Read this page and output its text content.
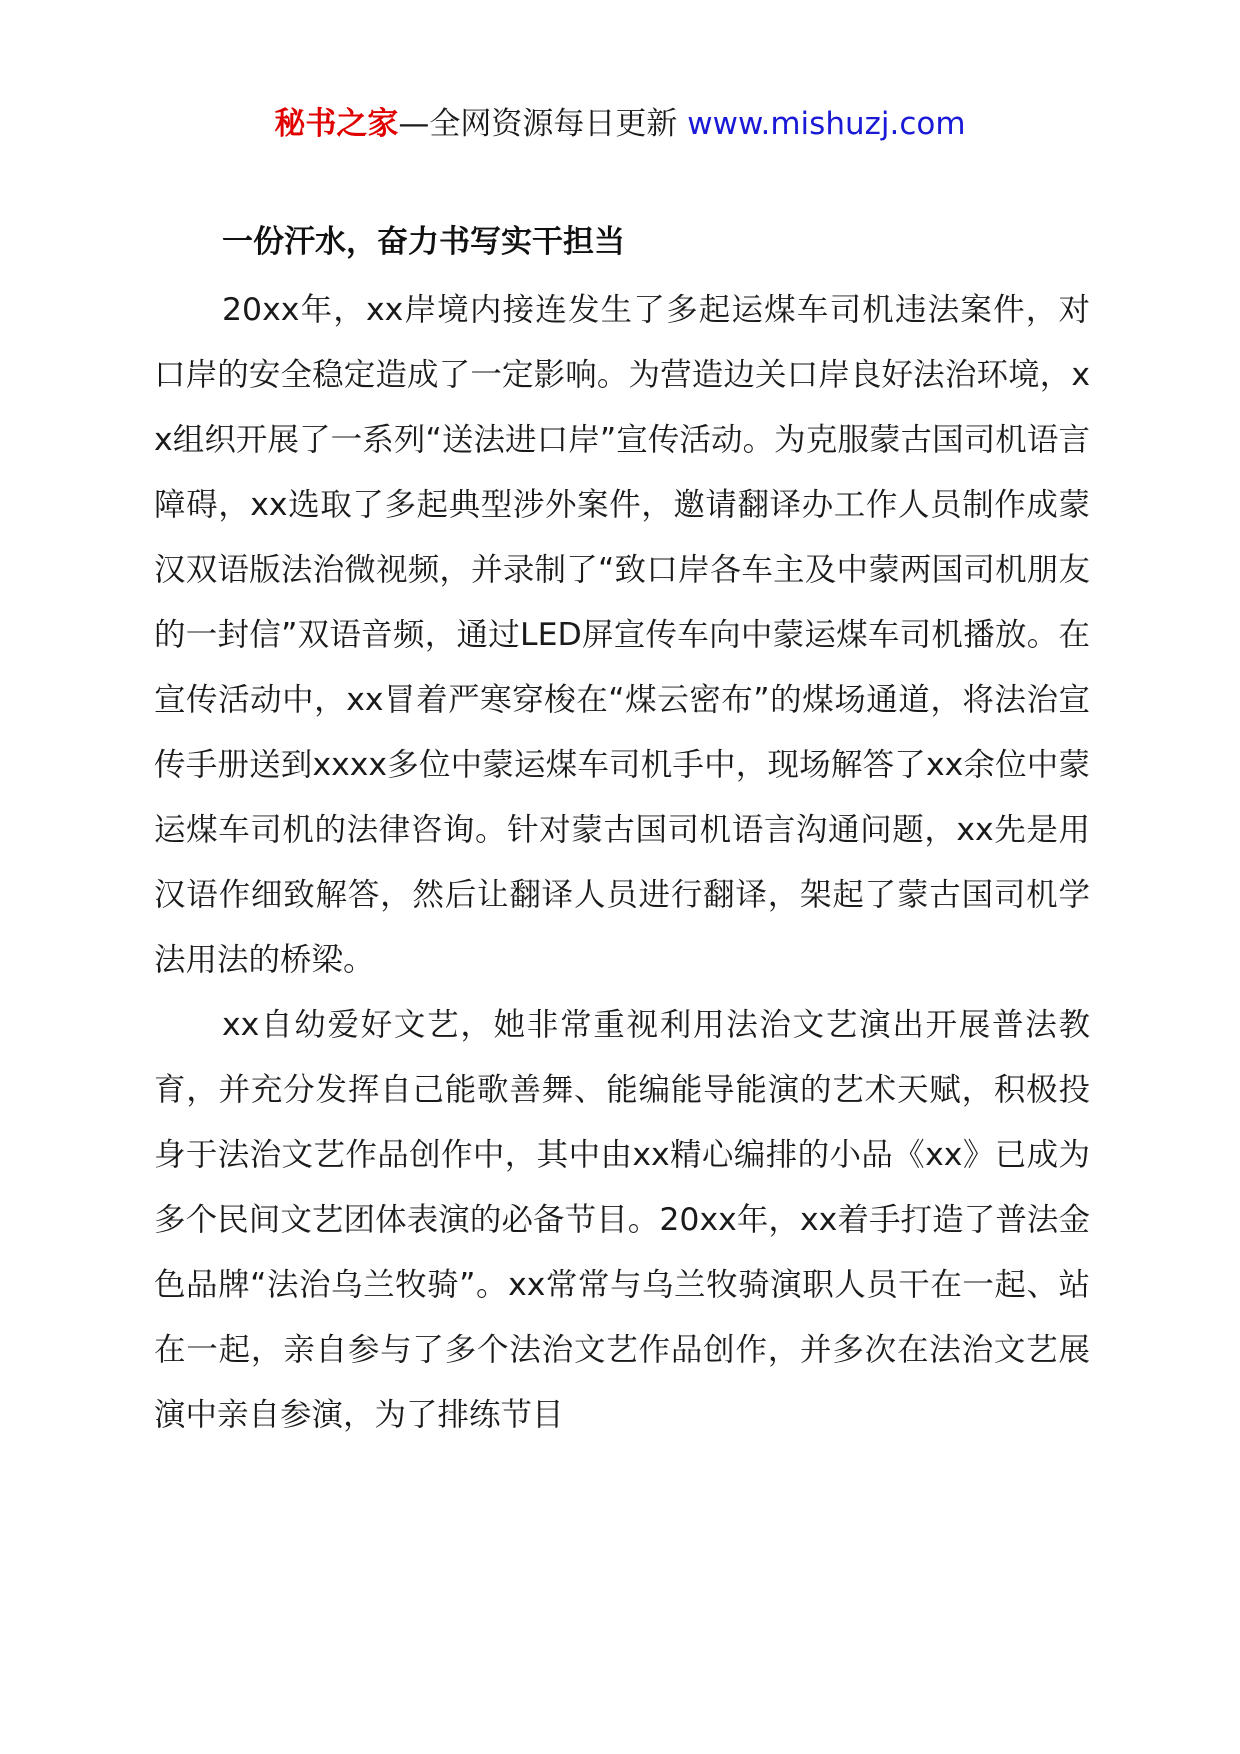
秘书之家—全网资源每日更新 www.mishuzj.com
一份汗水，奋力书写实干担当

20xx年，xx岸境内接连发生了多起运煤车司机违法案件，对口岸的安全稳定造成了一定影响。为营造边关口岸良好法治环境，xx组织开展了一系列“送法进口岸”宣传活动。为克服蒙古国司机语言障碍，xx选取了多起典型涉外案件，邀请翻译办工作人员制作成蒙汉双语版法治微视频，并录制了“致口岸各车主及中蒙两国司机朋友的一封信”双语音频，通过LED屏宣传车向中蒙运煤车司机播放。在宣传活动中，xx冒着严寒穿梭在“煤云密布”的煤场通道，将法治宣传手册送到xxxx多位中蒙运煤车司机手中，现场解答了xx余位中蒙运煤车司机的法律咨询。针对蒙古国司机语言沟通问题，xx先是用汉语作细致解答，然后让翻译人员进行翻译，架起了蒙古国司机学法用法的桥梁。

xx自幼爱好文艺，她非常重视利用法治文艺演出开展普法教育，并充分发挥自己能歌善舞、能编能导能演的艺术天赋，积极投身于法治文艺作品创作中，其中由xx精心编排的小品《xx》已成为多个民间文艺团体表演的必备节目。20xx年，xx着手打造了普法金色品牌“法治乌兰牧骑”。xx常常与乌兰牧骑演职人员干在一起、站在一起，亲自参与了多个法治文艺作品创作，并多次在法治文艺展演中亲自参演，为了排练节目
